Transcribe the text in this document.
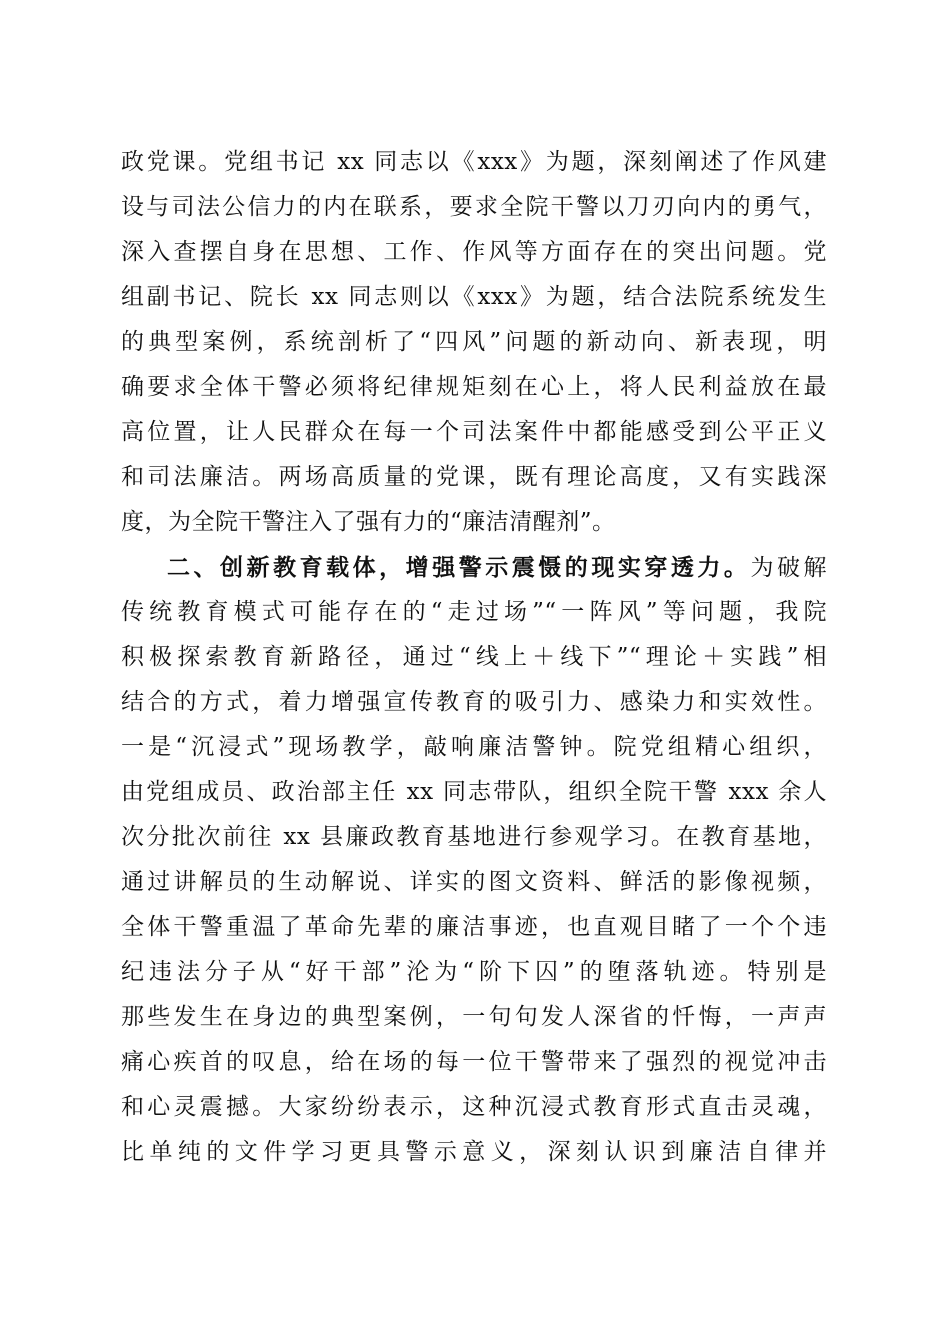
政党课。党组书记 xx 同志以《xxx》为题，深刻阐述了作风建
设与司法公信力的内在联系，要求全院干警以刀刃向内的勇气，
深入查摆自身在思想、工作、作风等方面存在的突出问题。党
组副书记、院长 xx 同志则以《xxx》为题，结合法院系统发生
的典型案例，系统剖析了“四风”问题的新动向、新表现，明
确要求全体干警必须将纪律规矩刻在心上，将人民利益放在最
高位置，让人民群众在每一个司法案件中都能感受到公平正义
和司法廉洁。两场高质量的党课，既有理论高度，又有实践深
度，为全院干警注入了强有力的“廉洁清醒剂”。
二、创新教育载体，增强警示震慑的现实穿透力。为破解
传统教育模式可能存在的“走过场”“一阵风”等问题，我院
积极探索教育新路径，通过“线上＋线下”“理论＋实践”相
结合的方式，着力增强宣传教育的吸引力、感染力和实效性。
一是“沉浸式”现场教学，敲响廉洁警钟。院党组精心组织，
由党组成员、政治部主任 xx 同志带队，组织全院干警 xxx 余人
次分批次前往 xx 县廉政教育基地进行参观学习。在教育基地，
通过讲解员的生动解说、详实的图文资料、鲜活的影像视频，
全体干警重温了革命先辈的廉洁事迹，也直观目睹了一个个违
纪违法分子从“好干部”沦为“阶下囚”的堕落轨迹。特别是
那些发生在身边的典型案例，一句句发人深省的忏悔，一声声
痛心疾首的叹息，给在场的每一位干警带来了强烈的视觉冲击
和心灵震撼。大家纷纷表示，这种沉浸式教育形式直击灵魂，
比单纯的文件学习更具警示意义，深刻认识到廉洁自律并
